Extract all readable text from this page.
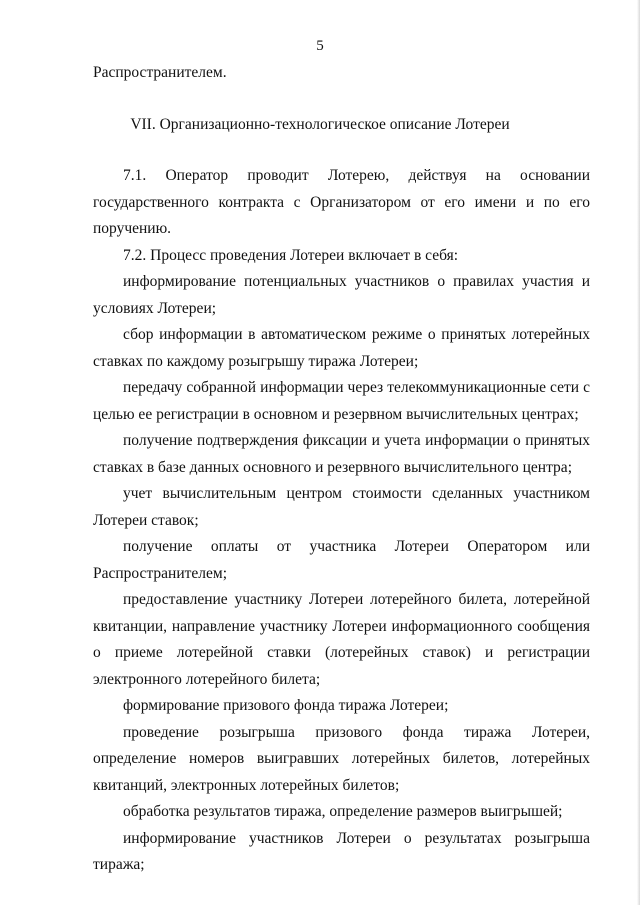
5

Распространителем.

VII. Организационно-технологическое описание Лотереи

7.1. Оператор проводит Лотерею, действуя на основании государственного контракта с Организатором от его имени и по его поручению.

7.2. Процесс проведения Лотереи включает в себя:

информирование потенциальных участников о правилах участия и условиях Лотереи;

сбор информации в автоматическом режиме о принятых лотерейных ставках по каждому розыгрышу тиража Лотереи;

передачу собранной информации через телекоммуникационные сети с целью ее регистрации в основном и резервном вычислительных центрах;

получение подтверждения фиксации и учета информации о принятых ставках в базе данных основного и резервного вычислительного центра;

учет вычислительным центром стоимости сделанных участником Лотереи ставок;

получение оплаты от участника Лотереи Оператором или Распространителем;

предоставление участнику Лотереи лотерейного билета, лотерейной квитанции, направление участнику Лотереи информационного сообщения о приеме лотерейной ставки (лотерейных ставок) и регистрации электронного лотерейного билета;

формирование призового фонда тиража Лотереи;

проведение розыгрыша призового фонда тиража Лотереи, определение номеров выигравших лотерейных билетов, лотерейных квитанций, электронных лотерейных билетов;

обработка результатов тиража, определение размеров выигрышей;

информирование участников Лотереи о результатах розыгрыша тиража;
